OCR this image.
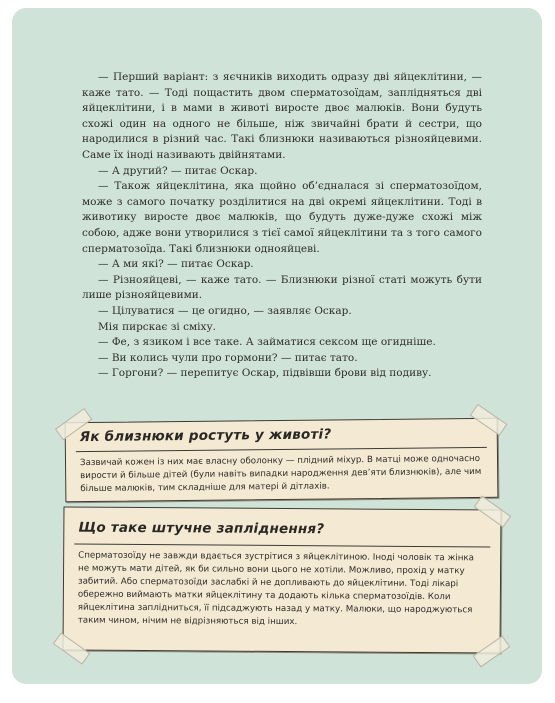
— Перший варіант: з яєчників виходить одразу дві яйцеклітини, — каже тато. — Тоді пощастить двом сперматозоїдам, заплідняться дві яйцеклітини, і в мами в животі виросте двоє малюків. Вони будуть схожі один на одного не більше, ніж звичайні брати й сестри, що народилися в різний час. Такі близнюки називаються різнояйцевими. Саме їх іноді називають двійнятами.

— А другий? — питає Оскар.

— Також яйцеклітина, яка щойно об’єдналася зі сперматозоїдом, може з самого початку розділитися на дві окремі яйцеклітини. Тоді в животику виросте двоє малюків, що будуть дуже-дуже схожі між собою, адже вони утворилися з тієї самої яйцеклітини та з того самого сперматозоїда. Такі близнюки однояйцеві.

— А ми які? — питає Оскар.

— Різнояйцеві, — каже тато. — Близнюки різної статі можуть бути лише різнояйцевими.

— Цілуватися — це огидно, — заявляє Оскар.

Мія пирскає зі сміху.

— Фе, з язиком і все таке. А займатися сексом ще огидніше.

— Ви колись чули про гормони? — питає тато.

— Горгони? — перепитує Оскар, підвівши брови від подиву.

Як близнюки ростуть у животі?
Зазвичай кожен із них має власну оболонку — плідний міхур. В матці може одночасно вирости й більше дітей (були навіть випадки народження дев’яти близнюків), але чим більше малюків, тим складніше для матері й дітлахів.
Що таке штучне запліднення?
Сперматозоїду не завжди вдається зустрітися з яйцеклітиною. Іноді чоловік та жінка не можуть мати дітей, як би сильно вони цього не хотіли. Можливо, прохід у матку забитий. Або сперматозоїди заслабкі й не допливають до яйцеклітини. Тоді лікарі обережно виймають матки яйцеклітину та додають кілька сперматозоїдів. Коли яйцеклітина заплідниться, її підсаджують назад у матку. Малюки, що народжуються таким чином, нічим не відрізняються від інших.
